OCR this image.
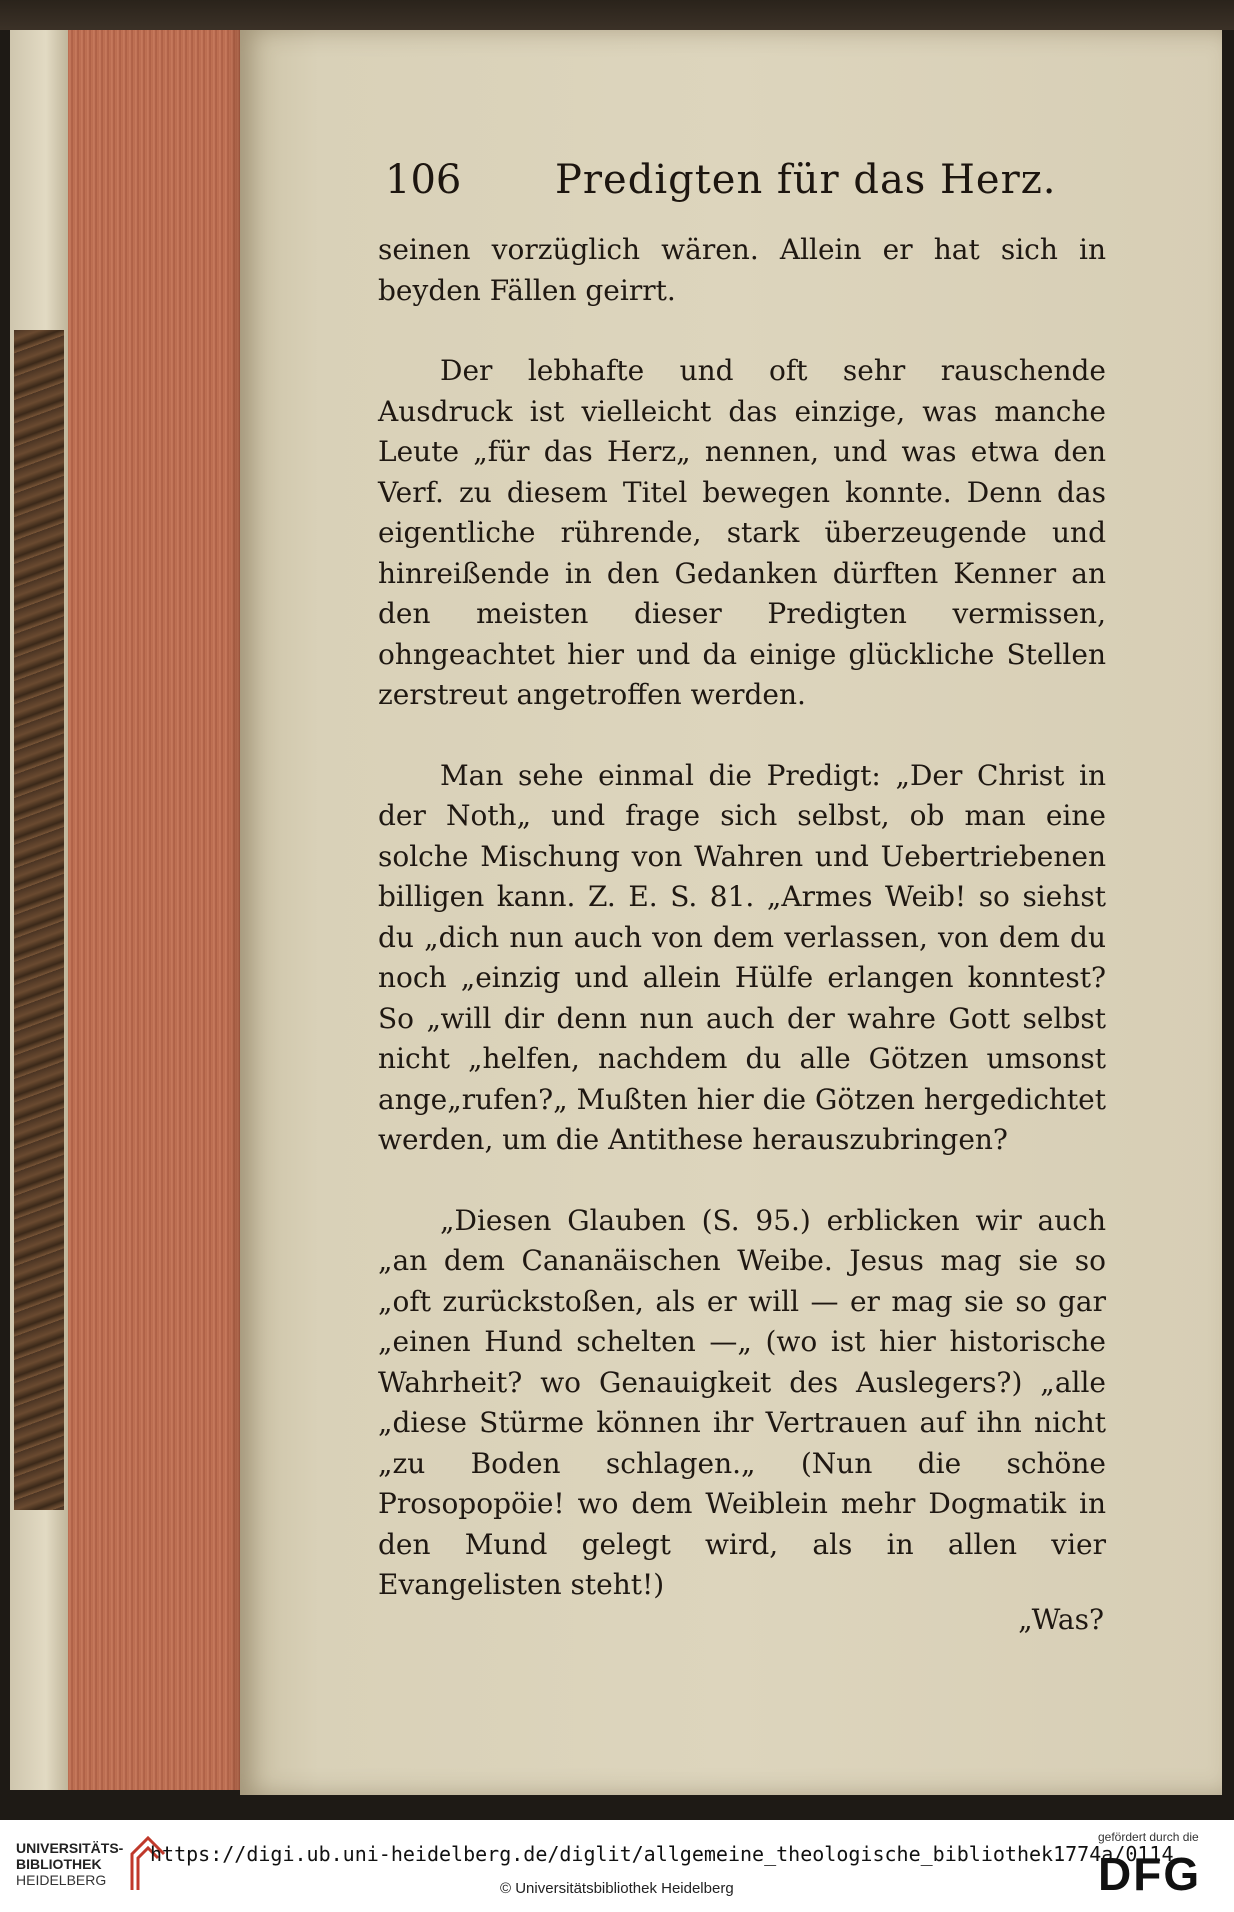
106 Predigten für das Herz.

seinen vorzüglich wären. Allein er hat sich in beyden Fällen geirrt.

Der lebhafte und oft sehr rauschende Ausdruck ist vielleicht das einzige, was manche Leute „für das Herz„ nennen, und was etwa den Verf. zu diesem Titel bewegen konnte. Denn das eigentliche rührende, stark überzeugende und hinreißende in den Gedanken dürften Kenner an den meisten dieser Predigten vermissen, ohngeachtet hier und da einige glückliche Stellen zerstreut angetroffen werden.

Man sehe einmal die Predigt: „Der Christ in der Noth„ und frage sich selbst, ob man eine solche Mischung von Wahren und Uebertriebenen billigen kann. Z. E. S. 81. „Armes Weib! so siehst du „dich nun auch von dem verlassen, von dem du noch „einzig und allein Hülfe erlangen konntest? So „will dir denn nun auch der wahre Gott selbst nicht „helfen, nachdem du alle Götzen umsonst ange„rufen?„ Mußten hier die Götzen hergedichtet werden, um die Antithese herauszubringen?

„Diesen Glauben (S. 95.) erblicken wir auch „an dem Cananäischen Weibe. Jesus mag sie so „oft zurückstoßen, als er will — er mag sie so gar „einen Hund schelten —„ (wo ist hier historische Wahrheit? wo Genauigkeit des Auslegers?) „alle „diese Stürme können ihr Vertrauen auf ihn nicht „zu Boden schlagen.„ (Nun die schöne Prosopopöie! wo dem Weiblein mehr Dogmatik in den Mund gelegt wird, als in allen vier Evangelisten steht!)

„Was?
UNIVERSITÄTS-
BIBLIOTHEK
HEIDELBERG
https://digi.ub.uni-heidelberg.de/diglit/allgemeine_theologische_bibliothek1774a/0114
© Universitätsbibliothek Heidelberg
gefördert durch die
DFG
